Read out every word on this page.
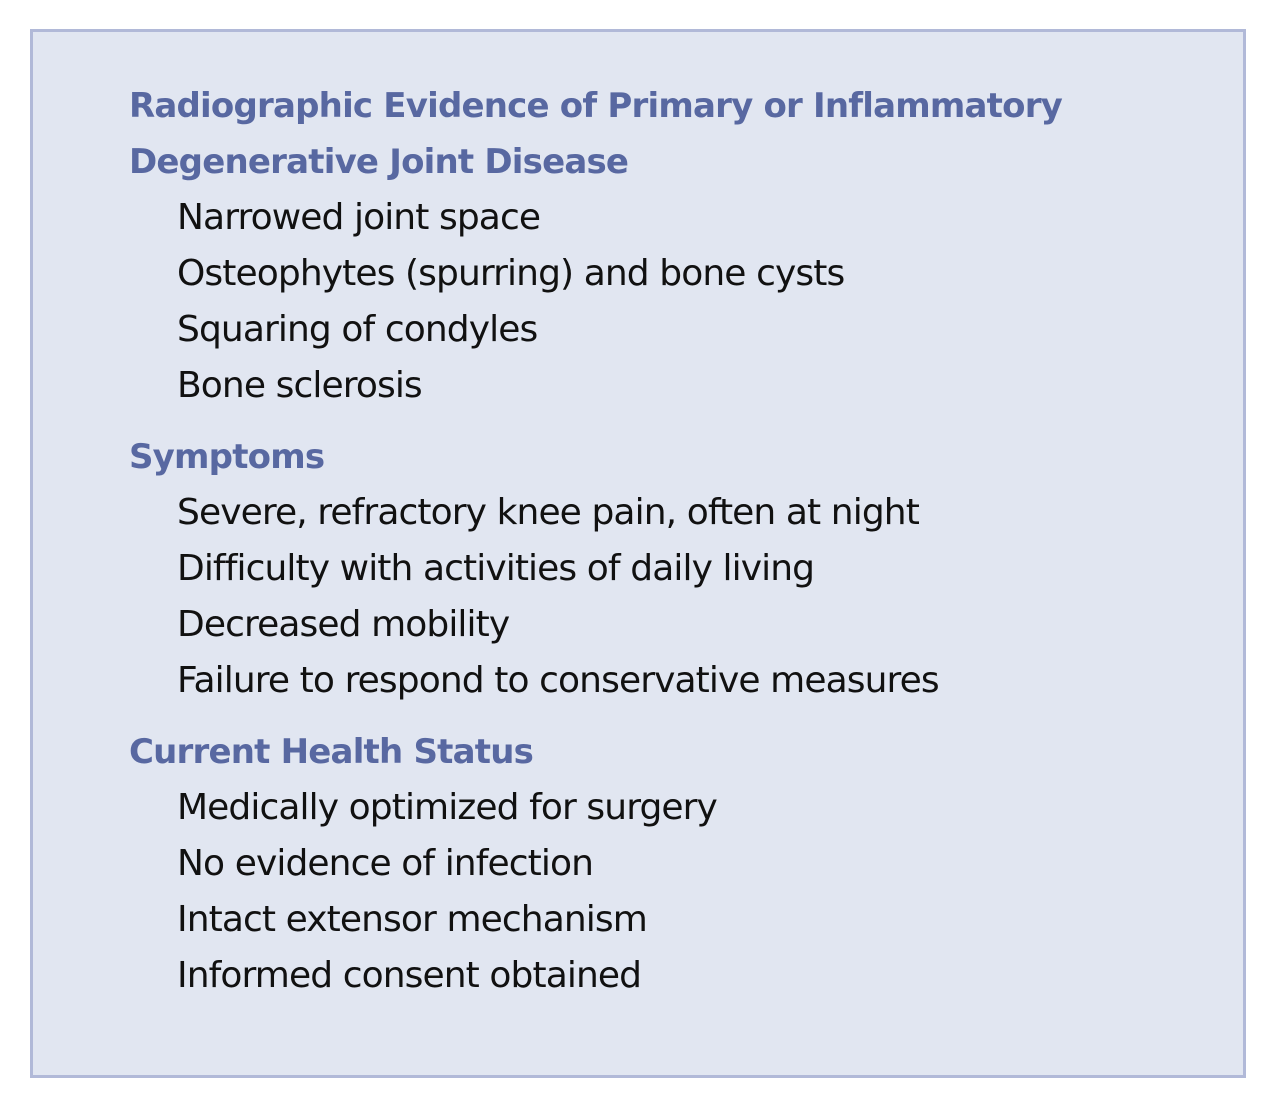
Radiographic Evidence of Primary or Inflammatory
Degenerative Joint Disease
Narrowed joint space
Osteophytes (spurring) and bone cysts
Squaring of condyles
Bone sclerosis
Symptoms
Severe, refractory knee pain, often at night
Difficulty with activities of daily living
Decreased mobility
Failure to respond to conservative measures
Current Health Status
Medically optimized for surgery
No evidence of infection
Intact extensor mechanism
Informed consent obtained
